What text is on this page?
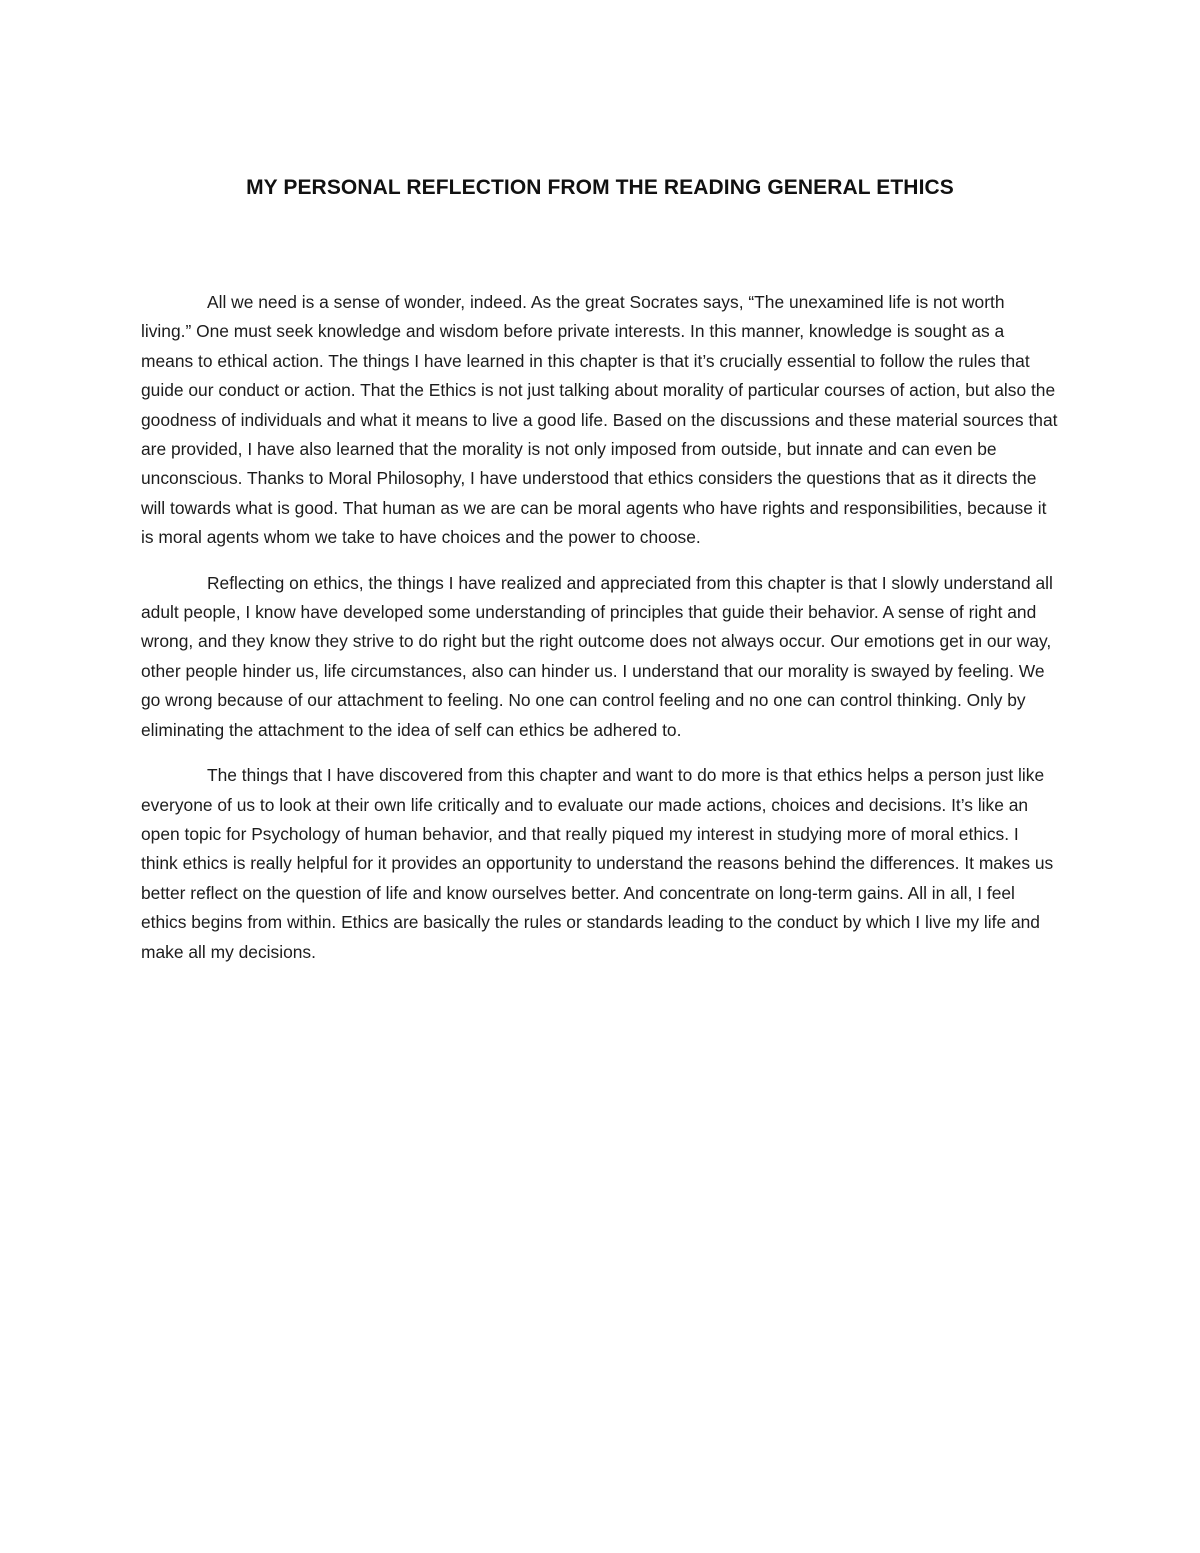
MY PERSONAL REFLECTION FROM THE READING GENERAL ETHICS

All we need is a sense of wonder, indeed. As the great Socrates says, “The unexamined life is not worth living.” One must seek knowledge and wisdom before private interests. In this manner, knowledge is sought as a means to ethical action. The things I have learned in this chapter is that it’s crucially essential to follow the rules that guide our conduct or action. That the Ethics is not just talking about morality of particular courses of action, but also the goodness of individuals and what it means to live a good life. Based on the discussions and these material sources that are provided, I have also learned that the morality is not only imposed from outside, but innate and can even be unconscious. Thanks to Moral Philosophy, I have understood that ethics considers the questions that as it directs the will towards what is good. That human as we are can be moral agents who have rights and responsibilities, because it is moral agents whom we take to have choices and the power to choose.

Reflecting on ethics, the things I have realized and appreciated from this chapter is that I slowly understand all adult people, I know have developed some understanding of principles that guide their behavior. A sense of right and wrong, and they know they strive to do right but the right outcome does not always occur. Our emotions get in our way, other people hinder us, life circumstances, also can hinder us. I understand that our morality is swayed by feeling. We go wrong because of our attachment to feeling. No one can control feeling and no one can control thinking. Only by eliminating the attachment to the idea of self can ethics be adhered to.

The things that I have discovered from this chapter and want to do more is that ethics helps a person just like everyone of us to look at their own life critically and to evaluate our made actions, choices and decisions. It’s like an open topic for Psychology of human behavior, and that really piqued my interest in studying more of moral ethics. I think ethics is really helpful for it provides an opportunity to understand the reasons behind the differences. It makes us better reflect on the question of life and know ourselves better. And concentrate on long-term gains. All in all, I feel ethics begins from within. Ethics are basically the rules or standards leading to the conduct by which I live my life and make all my decisions.
